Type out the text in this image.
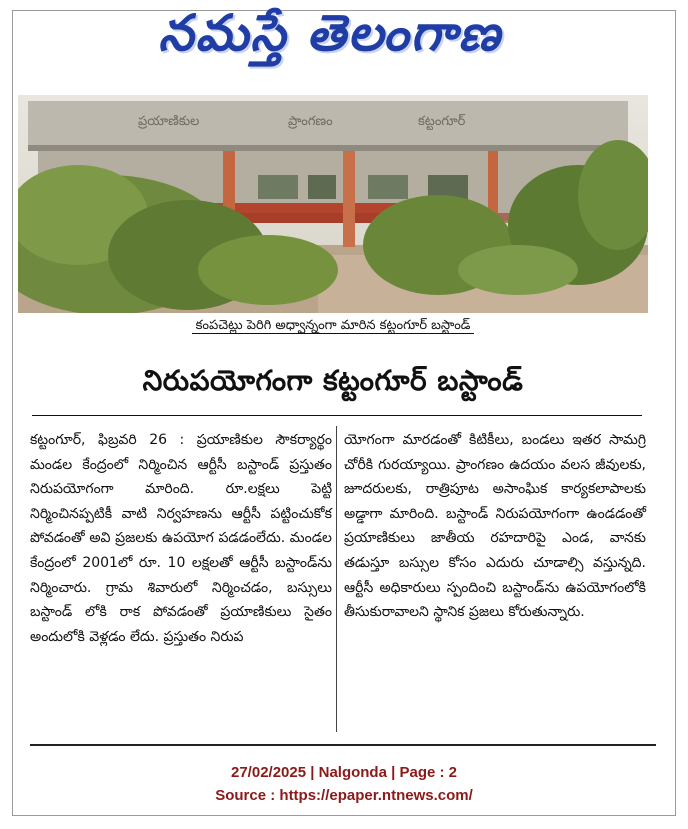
నమస్తే తెలంగాణ
ప్రయాణికుల	ప్రాంగణం	కట్టంగూర్
కంపచెట్లు పెరిగి అధ్వాన్నంగా మారిన కట్టంగూర్ బస్టాండ్
నిరుపయోగంగా కట్టంగూర్ బస్టాండ్

కట్టంగూర్, ఫిబ్రవరి 26 : ప్రయాణికుల సౌకర్యార్థం మండల కేంద్రంలో నిర్మించిన ఆర్టీసీ బస్టాండ్ ప్రస్తుతం నిరుపయోగంగా మారింది. రూ.లక్షలు పెట్టి నిర్మించినప్పటికీ వాటి నిర్వహణను ఆర్టీసీ పట్టించుకోక పోవడంతో అవి ప్రజలకు ఉపయోగ పడడంలేదు. మండల కేంద్రంలో 2001లో రూ. 10 లక్షలతో ఆర్టీసీ బస్టాండ్‌ను నిర్మించారు. గ్రామ శివారులో నిర్మించడం, బస్సులు బస్టాండ్ లోకి రాక పోవడంతో ప్రయాణికులు సైతం అందులోకి వెళ్లడం లేదు. ప్రస్తుతం నిరుప

యోగంగా మారడంతో కిటికీలు, బండలు ఇతర సామగ్రి చోరీకి గురయ్యాయి. ప్రాంగణం ఉదయం వలస జీవులకు, జూదరులకు, రాత్రిపూట అసాంఘిక కార్యకలాపాలకు అడ్డాగా మారింది. బస్టాండ్ నిరుపయోగంగా ఉండడంతో ప్రయాణికులు జాతీయ రహదారిపై ఎండ, వానకు తడుస్తూ బస్సుల కోసం ఎదురు చూడాల్సి వస్తున్నది. ఆర్టీసీ అధికారులు స్పందించి బస్టాండ్‌ను ఉపయోగంలోకి తీసుకురావాలని స్థానిక ప్రజలు కోరుతున్నారు.

27/02/2025 | Nalgonda | Page : 2
Source : https://epaper.ntnews.com/
